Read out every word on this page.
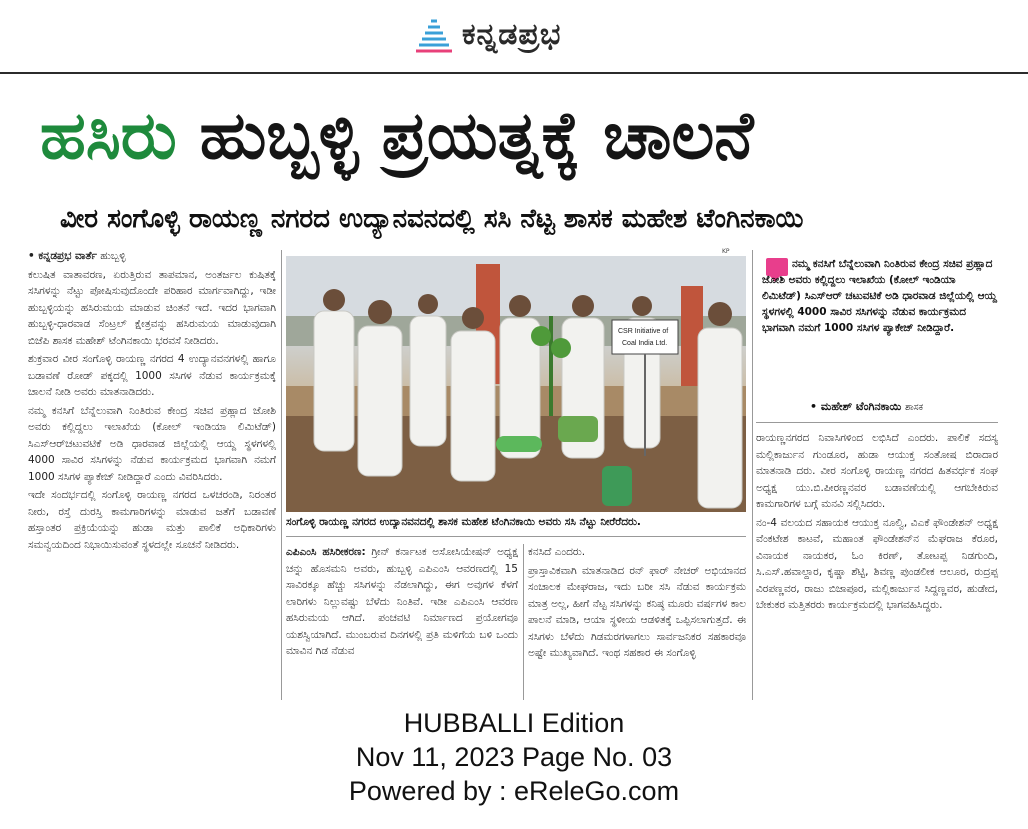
ಕನ್ನಡಪ್ರಭ
ಹಸಿರು ಹುಬ್ಬಳ್ಳಿ ಪ್ರಯತ್ನಕ್ಕೆ ಚಾಲನೆ
ವೀರ ಸಂಗೊಳ್ಳಿ ರಾಯಣ್ಣ ನಗರದ ಉದ್ಯಾನವನದಲ್ಲಿ ಸಸಿ ನೆಟ್ಟ ಶಾಸಕ ಮಹೇಶ ಟೆಂಗಿನಕಾಯಿ

• ಕನ್ನಡಪ್ರಭ ವಾರ್ತೆ ಹುಬ್ಬಳ್ಳಿ

ಕಲುಷಿತ ವಾತಾವರಣ, ಏರುತ್ತಿರುವ ತಾಪಮಾನ, ಅಂತರ್ಜಲ ಕುಷಿತಕ್ಕೆ ಸಸಿಗಳನ್ನು ನೆಟ್ಟು ಪೋಷಿಸುವುದೊಂದೇ ಪರಿಹಾರ ಮಾರ್ಗವಾಗಿದ್ದು, ಇಡೀ ಹುಬ್ಬಳ್ಳಿಯನ್ನು ಹಸಿರುಮಯ ಮಾಡುವ ಚಿಂತನೆ ಇದೆ. ಇದರ ಭಾಗವಾಗಿ ಹುಬ್ಬಳ್ಳಿ-ಧಾರವಾಡ ಸೆಂಟ್ರಲ್ ಕ್ಷೇತ್ರವನ್ನು ಹಸಿರುಮಯ ಮಾಡುವುದಾಗಿ ಬಿಜೆಪಿ ಶಾಸಕ ಮಹೇಶ್ ಟೆಂಗಿನಕಾಯಿ ಭರವಸೆ ನೀಡಿದರು.

ಶುಕ್ರವಾರ ವೀರ ಸಂಗೊಳ್ಳಿ ರಾಯಣ್ಣ ನಗರದ 4 ಉದ್ಯಾನವನಗಳಲ್ಲಿ ಹಾಗೂ ಬಡಾವಣೆ ರೋಡ್ ಪಕ್ಕದಲ್ಲಿ 1000 ಸಸಿಗಳ ನೆಡುವ ಕಾರ್ಯಕ್ರಮಕ್ಕೆ ಚಾಲನೆ ನೀಡಿ ಅವರು ಮಾತನಾಡಿದರು.

ನಮ್ಮ ಕನಸಿಗೆ ಬೆನ್ನೆಲುವಾಗಿ ನಿಂತಿರುವ ಕೇಂದ್ರ ಸಚಿವ ಪ್ರಹ್ಲಾದ ಜೋಶಿ ಅವರು ಕಲ್ಲಿದ್ದಲು ಇಲಾಖೆಯ (ಕೋಲ್ ಇಂಡಿಯಾ ಲಿಮಿಟೆಡ್) ಸಿಎಸ್ಆರ್‌ಚಟುವಟಿಕೆ ಅಡಿ ಧಾರವಾಡ ಜಿಲ್ಲೆಯಲ್ಲಿ ಆಯ್ದ ಸ್ಥಳಗಳಲ್ಲಿ 4000 ಸಾವಿರ ಸಸಿಗಳನ್ನು ನೆಡುವ ಕಾರ್ಯಕ್ರಮದ ಭಾಗವಾಗಿ ನಮಗೆ 1000 ಸಸಿಗಳ ಪ್ಯಾಕೇಜ್ ನೀಡಿದ್ದಾರೆ ಎಂದು ವಿವರಿಸಿದರು.

ಇದೇ ಸಂದರ್ಭದಲ್ಲಿ ಸಂಗೊಳ್ಳಿ ರಾಯಣ್ಣ ನಗರದ ಒಳಚರಂಡಿ, ನಿರಂತರ ನೀರು, ರಸ್ತೆ ದುರಸ್ತಿ ಕಾಮಗಾರಿಗಳನ್ನು ಮಾಡುವ ಜತೆಗೆ ಬಡಾವಣೆ ಹಸ್ತಾಂತರ ಪ್ರಕ್ರಿಯೆಯನ್ನು ಹುಡಾ ಮತ್ತು ಪಾಲಿಕೆ ಅಧಿಕಾರಿಗಳು ಸಮನ್ವಯದಿಂದ ನಿಭಾಯಿಸುವಂತೆ ಸ್ಥಳದಲ್ಲೇ ಸೂಚನೆ ನೀಡಿದರು.

KP
CSR Initiative of
Coal India Ltd.
ಸಂಗೊಳ್ಳಿ ರಾಯಣ್ಣ ನಗರದ ಉದ್ಯಾನವನದಲ್ಲಿ ಶಾಸಕ ಮಹೇಶ ಟೆಂಗಿನಕಾಯಿ ಅವರು ಸಸಿ ನೆಟ್ಟು ನೀರೆರೆದರು.

ಎಪಿಎಂಸಿ ಹಸಿರೀಕರಣ: ಗ್ರೀನ್ ಕರ್ನಾಟಕ ಅಸೋಸಿಯೇಷನ್ ಅಧ್ಯಕ್ಷ ಚನ್ನು ಹೊಸಮನಿ ಅವರು, ಹುಬ್ಬಳ್ಳಿ ಎಪಿಎಂಸಿ ಆವರಣದಲ್ಲಿ 15 ಸಾವಿರಕ್ಕೂ ಹೆಚ್ಚು ಸಸಿಗಳನ್ನು ನೆಡಲಾಗಿದ್ದು, ಈಗ ಅವುಗಳ ಕೆಳಗೆ ಲಾರಿಗಳು ನಿಲ್ಲುವಷ್ಟು ಬೆಳೆದು ನಿಂತಿವೆ. ಇಡೀ ಎಪಿಎಂಸಿ ಆವರಣ ಹಸಿರುಮಯ ಆಗಿದೆ. ಪಂಚವಟಿ ನಿರ್ಮಾಣದ ಪ್ರಯೋಗವೂ ಯಶಸ್ವಿಯಾಗಿದೆ. ಮುಂಬರುವ ದಿನಗಳಲ್ಲಿ ಪ್ರತಿ ಮಳಿಗೆಯ ಬಳಿ ಒಂದು ಮಾವಿನ ಗಿಡ ನೆಡುವ

ಕನಸಿದೆ ಎಂದರು.

ಪ್ರಾಸ್ತಾವಿಕವಾಗಿ ಮಾತನಾಡಿದ ರನ್ ಫಾರ್ ನೇಚರ್ ಅಭಿಯಾನದ ಸಂಚಾಲಕ ಮೇಘರಾಜ, ಇದು ಬರೀ ಸಸಿ ನೆಡುವ ಕಾರ್ಯಕ್ರಮ ಮಾತ್ರ ಅಲ್ಲ, ಹೀಗೆ ನೆಟ್ಟ ಸಸಿಗಳನ್ನು ಕನಿಷ್ಠ ಮೂರು ವರ್ಷಗಳ ಕಾಲ ಪಾಲನೆ ಮಾಡಿ, ಆಯಾ ಸ್ಥಳೀಯ ಆಡಳಿತಕ್ಕೆ ಒಪ್ಪಿಸಲಾಗುತ್ತದೆ. ಈ ಸಸಿಗಳು ಬೆಳೆದು ಗಿಡಮರಗಳಾಗಲು ಸಾರ್ವಜನಿಕರ ಸಹಕಾರವೂ ಅಷ್ಟೇ ಮುಖ್ಯವಾಗಿದೆ. ಇಂಥ ಸಹಕಾರ ಈ ಸಂಗೊಳ್ಳಿ

ನಮ್ಮ ಕನಸಿಗೆ ಬೆನ್ನೆಲುವಾಗಿ ನಿಂತಿರುವ ಕೇಂದ್ರ ಸಚಿವ ಪ್ರಹ್ಲಾದ ಜೋಶಿ ಅವರು ಕಲ್ಲಿದ್ದಲು ಇಲಾಖೆಯ (ಕೋಲ್ ಇಂಡಿಯಾ ಲಿಮಿಟೆಡ್) ಸಿಎಸ್‌ಆರ್ ಚಟುವಟಿಕೆ ಅಡಿ ಧಾರವಾಡ ಜಿಲ್ಲೆಯಲ್ಲಿ ಆಯ್ದ ಸ್ಥಳಗಳಲ್ಲಿ 4000 ಸಾವಿರ ಸಸಿಗಳನ್ನು ನೆಡುವ ಕಾರ್ಯಕ್ರಮದ ಭಾಗವಾಗಿ ನಮಗೆ 1000 ಸಸಿಗಳ ಪ್ಯಾಕೇಜ್ ನೀಡಿದ್ದಾರೆ.

• ಮಹೇಶ್ ಟೆಂಗಿನಕಾಯಿ ಶಾಸಕ

ರಾಯಣ್ಣನಗರದ ನಿವಾಸಿಗಳಿಂದ ಲಭಿಸಿದೆ ಎಂದರು. ಪಾಲಿಕೆ ಸದಸ್ಯ ಮಲ್ಲಿಕಾರ್ಜುನ ಗುಂಡೂರ, ಹುಡಾ ಆಯುಕ್ತ ಸಂತೋಷ ಬಿರಾದಾರ ಮಾತನಾಡಿ ದರು. ವೀರ ಸಂಗೊಳ್ಳಿ ರಾಯಣ್ಣ ನಗರದ ಹಿತವರ್ಧಕ ಸಂಘ ಅಧ್ಯಕ್ಷ ಯು.ಬಿ.ಪೀರಣ್ಣನವರ ಬಡಾವಣೆಯಲ್ಲಿ ಆಗಬೇಕಿರುವ ಕಾಮಗಾರಿಗಳ ಬಗ್ಗೆ ಮನವಿ ಸಲ್ಲಿಸಿದರು.

ನಂ-4 ವಲಯದ ಸಹಾಯಕ ಆಯುಕ್ತ ನೂಲ್ವಿ, ವಿಎಕೆ ಫೌಂಡೇಶನ್ ಅಧ್ಯಕ್ಷ ವೆಂಕಟೇಶ ಕಾಟವೆ, ಮಹಾಂತ ಫೌಂಡೇಶನ್‌ನ ಮೆಘರಾಜ ಕೆರೂರ, ವಿನಾಯಕ ನಾಯಕರ, ಓಂ ಕಿರಣ್, ತೋಟಪ್ಪ ನಿಡಗುಂದಿ, ಸಿ.ಎಸ್.ಹವಾಲ್ದಾರ, ಕೃಷ್ಣಾ ಶೆಟ್ಟಿ, ಶಿವಣ್ಣ ಪುಂಡಲೀಕ ಆಲೂರ, ರುದ್ರಪ್ಪ ವಿರಪಣ್ಣವರ, ರಾಜು ಬಿಜಾಪೂರ, ಮಲ್ಲಿಕಾರ್ಜುನ ಸಿದ್ದಣ್ಣವರ, ಹುಡೇದ, ಬೇಕುಕರ ಮತ್ತಿತರರು ಕಾರ್ಯಕ್ರಮದಲ್ಲಿ ಭಾಗವಹಿಸಿದ್ದರು.

HUBBALLI Edition
Nov 11, 2023 Page No. 03
Powered by : eReleGo.com
